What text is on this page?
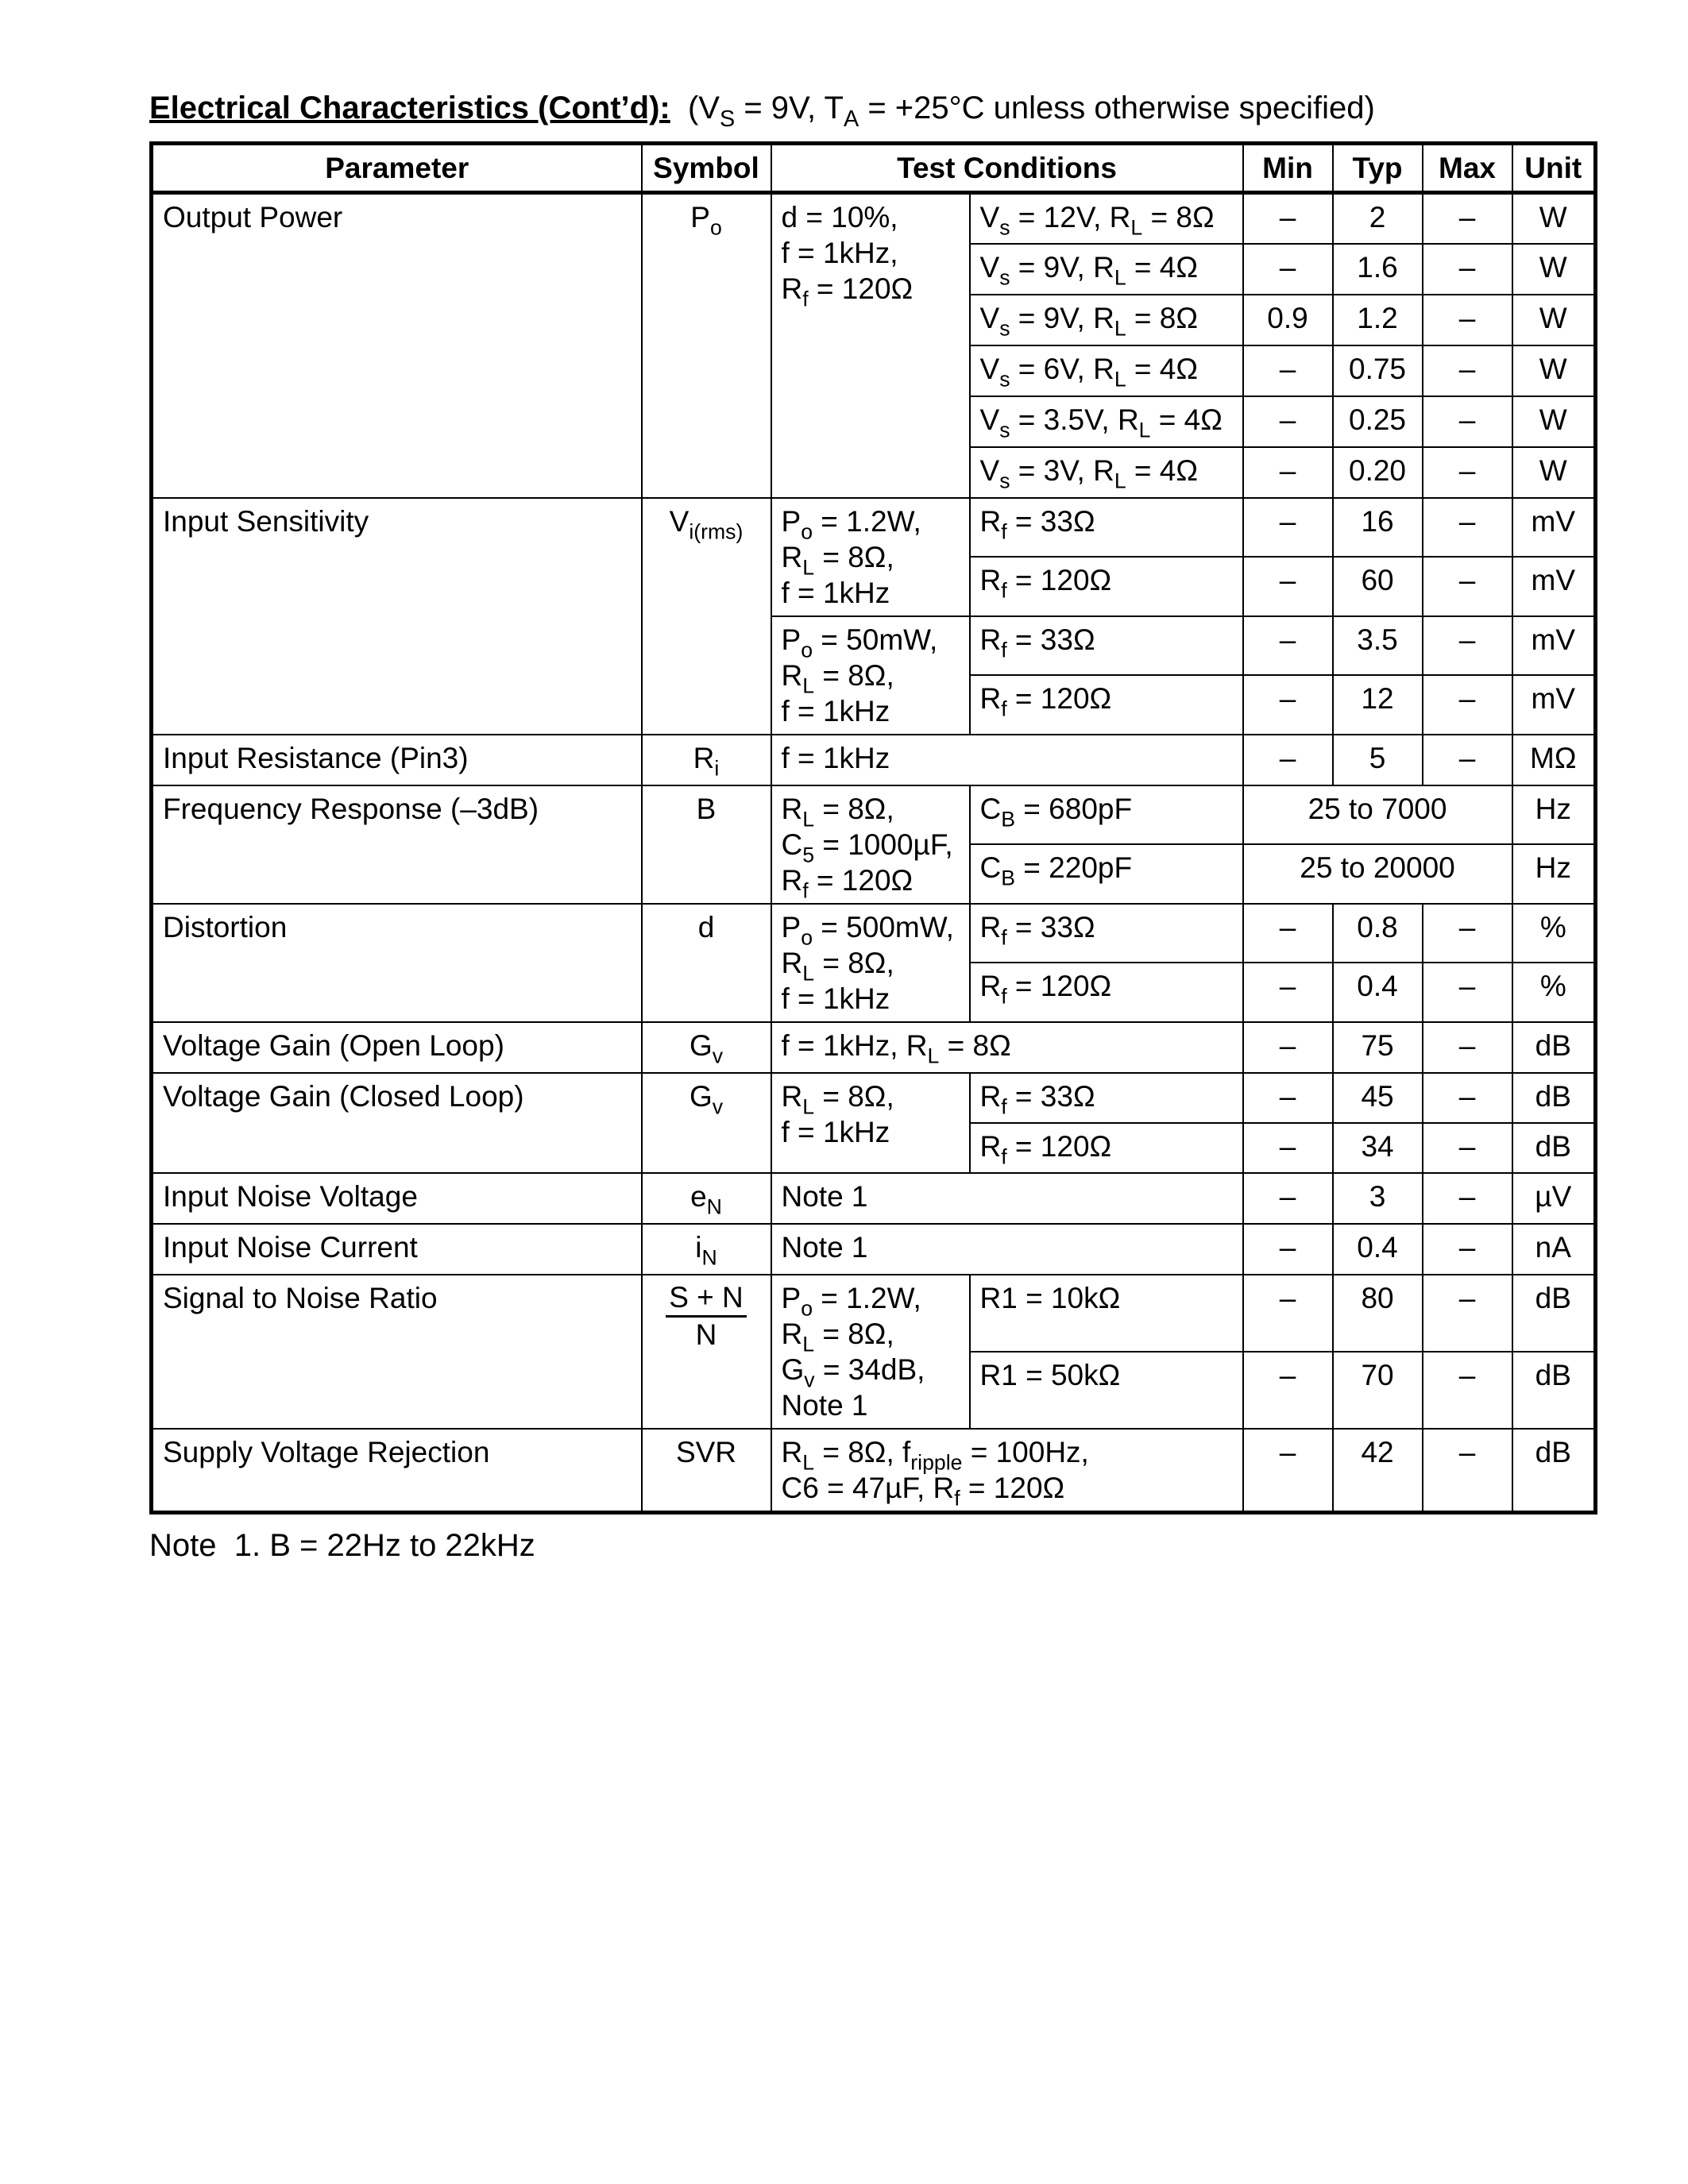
Electrical Characteristics (Cont’d): ($V_S = 9V$, $T_A = +25^\circ C$ unless otherwise specified)
Parameter	Symbol	Test Conditions		Min	Typ	Max	Unit
Output Power	$P_o$	d = 10%,
f = 1kHz,
$R_f = 120\Omega$	$V_s = 12V$, $R_L = 8\Omega$	–	2	–	W
			$V_s = 9V$, $R_L = 4\Omega$	–	1.6	–	W
			$V_s = 9V$, $R_L = 8\Omega$	0.9	1.2	–	W
			$V_s = 6V$, $R_L = 4\Omega$	–	0.75	–	W
			$V_s = 3.5V$, $R_L = 4\Omega$	–	0.25	–	W
			$V_s = 3V$, $R_L = 4\Omega$	–	0.20	–	W
Input Sensitivity	$V_{i(rms)}$	$P_o = 1.2W$,
$R_L = 8\Omega$,
f = 1kHz	$R_f = 33\Omega$	–	16	–	mV
			$R_f = 120\Omega$	–	60	–	mV
		$P_o = 50mW$,
$R_L = 8\Omega$,
f = 1kHz	$R_f = 33\Omega$	–	3.5	–	mV
			$R_f = 120\Omega$	–	12	–	mV
Input Resistance (Pin3)	$R_i$	f = 1kHz		–	5	–	MΩ
Frequency Response (–3dB)	B	$R_L = 8\Omega$,
$C_5 = 1000\mu F$,
$R_f = 120\Omega$	$C_B = 680pF$	25 to 7000			Hz
			$C_B = 220pF$	25 to 20000			Hz
Distortion	d	$P_o = 500mW$,
$R_L = 8\Omega$,
f = 1kHz	$R_f = 33\Omega$	–	0.8	–	%
			$R_f = 120\Omega$	–	0.4	–	%
Voltage Gain (Open Loop)	$G_v$	f = 1kHz, $R_L = 8\Omega$		–	75	–	dB
Voltage Gain (Closed Loop)	$G_v$	$R_L = 8\Omega$,
f = 1kHz	$R_f = 33\Omega$	–	45	–	dB
			$R_f = 120\Omega$	–	34	–	dB
Input Noise Voltage	$e_N$	Note 1		–	3	–	µV
Input Noise Current	$i_N$	Note 1		–	0.4	–	nA
Signal to Noise Ratio	$\frac{S + N}{N}$	$P_o = 1.2W$,
$R_L = 8\Omega$,
$G_v = 34dB$,
Note 1	R1 = 10kΩ	–	80	–	dB
			R1 = 50kΩ	–	70	–	dB
Supply Voltage Rejection	SVR	$R_L = 8\Omega$, $f_{ripple} = 100Hz$,
C6 = 47µF, $R_f = 120\Omega$		–	42	–	dB
Note  1. B = 22Hz to 22kHz
